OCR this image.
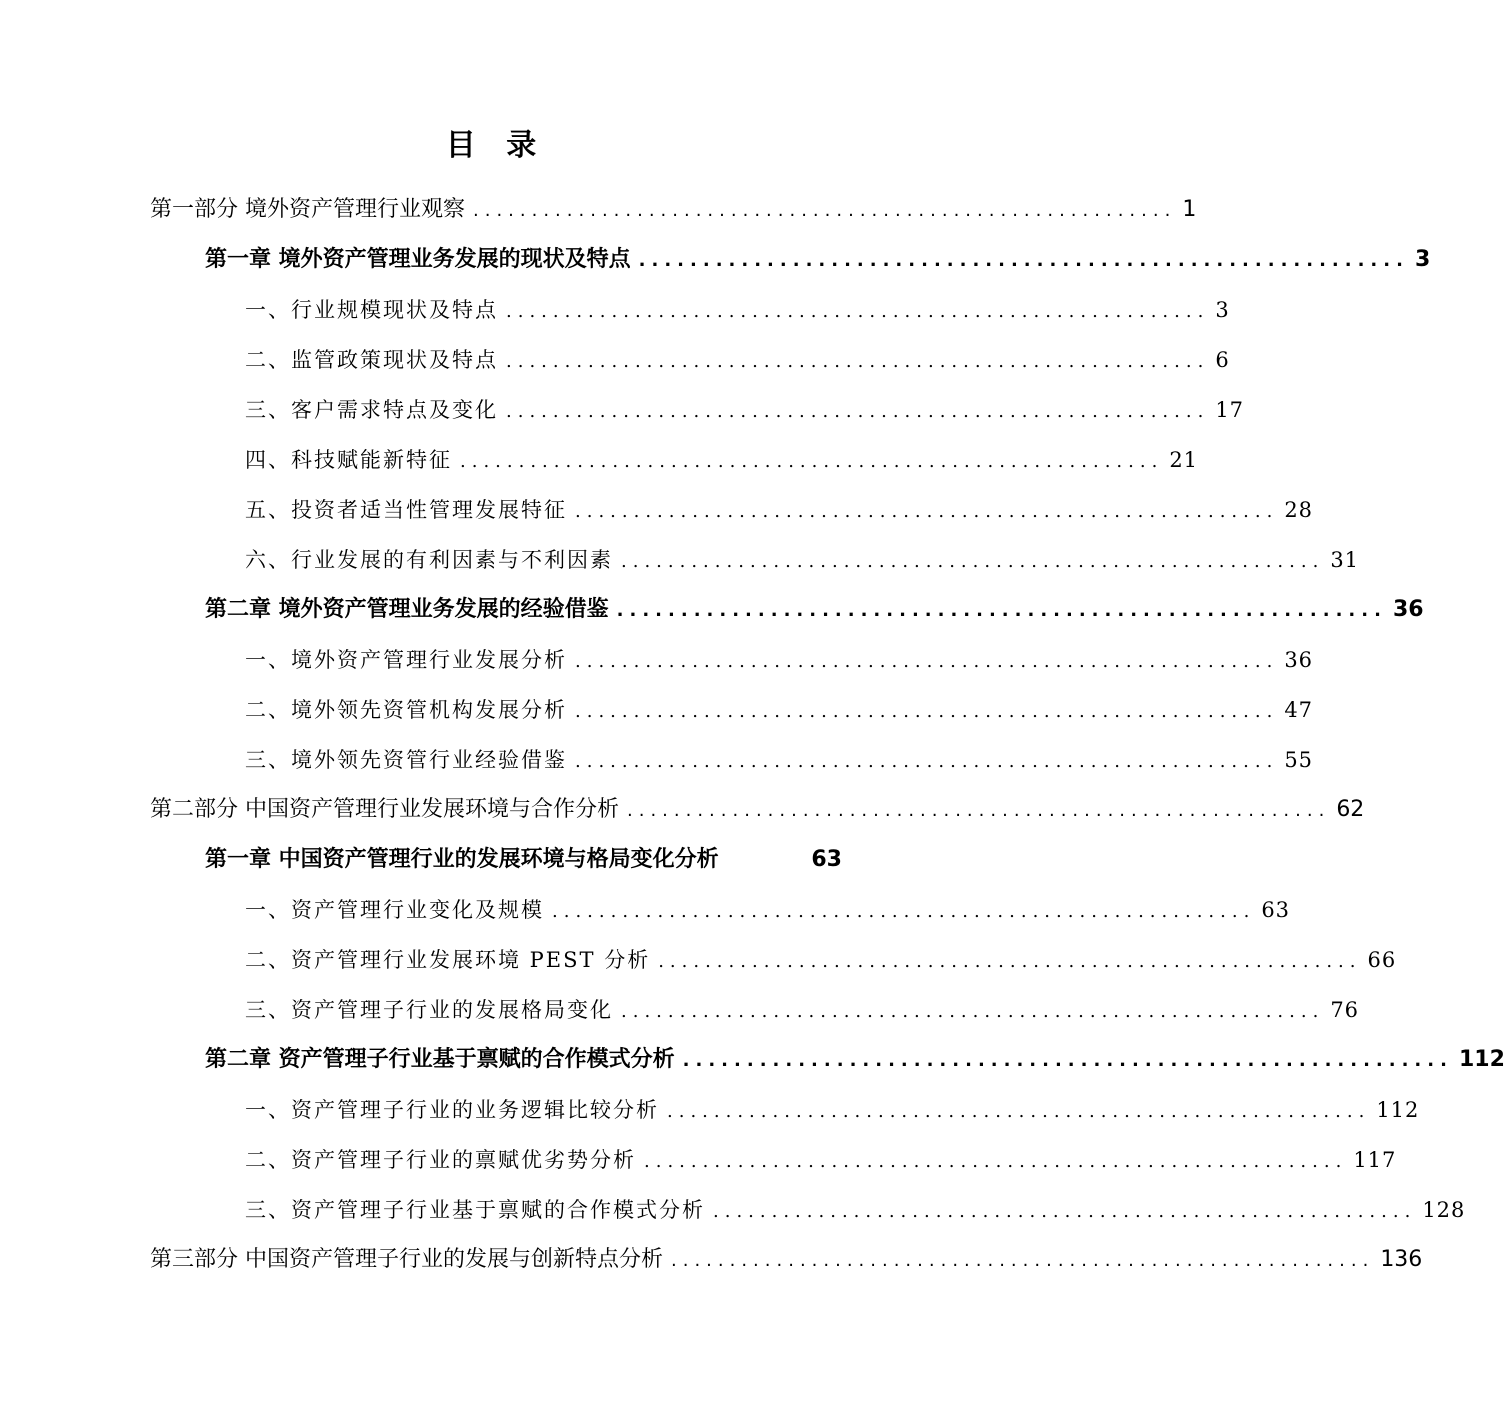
目 录
第一部分 境外资产管理行业观察 ............................................................ 1
第一章 境外资产管理业务发展的现状及特点 ............................................................ 3
一、行业规模现状及特点 ............................................................ 3
二、监管政策现状及特点 ............................................................ 6
三、客户需求特点及变化 ............................................................ 17
四、科技赋能新特征 ............................................................ 21
五、投资者适当性管理发展特征 ............................................................ 28
六、行业发展的有利因素与不利因素 ............................................................ 31
第二章 境外资产管理业务发展的经验借鉴 ............................................................ 36
一、境外资产管理行业发展分析 ............................................................ 36
二、境外领先资管机构发展分析 ............................................................ 47
三、境外领先资管行业经验借鉴 ............................................................ 55
第二部分 中国资产管理行业发展环境与合作分析 ............................................................ 62
第一章 中国资产管理行业的发展环境与格局变化分析	63
一、资产管理行业变化及规模 ............................................................ 63
二、资产管理行业发展环境 PEST 分析 ............................................................ 66
三、资产管理子行业的发展格局变化 ............................................................ 76
第二章 资产管理子行业基于禀赋的合作模式分析 ............................................................ 112
一、资产管理子行业的业务逻辑比较分析 ............................................................ 112
二、资产管理子行业的禀赋优劣势分析 ............................................................ 117
三、资产管理子行业基于禀赋的合作模式分析 ............................................................ 128
第三部分 中国资产管理子行业的发展与创新特点分析 ............................................................ 136
